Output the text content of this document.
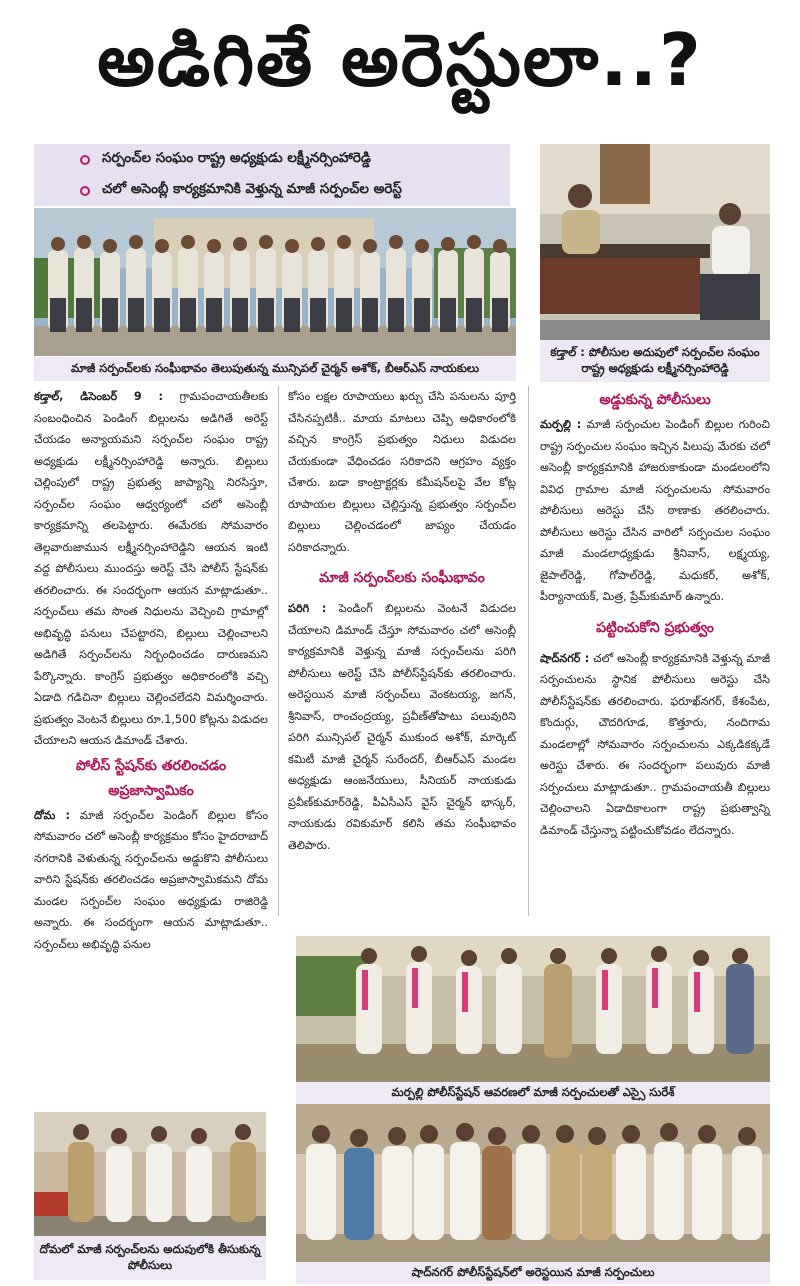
అడిగితే అరెస్టులా..?
సర్పంచ్‌ల సంఘం రాష్ట్ర అధ్యక్షుడు లక్ష్మీనర్సింహారెడ్డి
చలో అసెంబ్లీ కార్యక్రమానికి వెళ్తున్న మాజీ సర్పంచ్‌ల అరెస్ట్
మాజీ సర్పంచ్‌లకు సంఘీభావం తెలుపుతున్న మున్సిపల్ చైర్మన్ అశోక్, బీఆర్ఎస్ నాయకులు
కడ్తాల్ : పోలీసుల అదుపులో సర్పంచ్‌ల సంఘం రాష్ట్ర అధ్యక్షుడు లక్ష్మీనర్సింహారెడ్డి

కడ్తాల్, డిసెంబర్ 9 : గ్రామపంచాయతీలకు సంబంధించిన పెండింగ్ బిల్లులను అడిగితే అరెస్ట్ చేయడం అన్యాయమని సర్పంచ్‌ల సంఘం రాష్ట్ర అధ్యక్షుడు లక్ష్మీనర్సింహారెడ్డి అన్నారు. బిల్లులు చెల్లింపులో రాష్ట్ర ప్రభుత్వ జాప్యాన్ని నిరసిస్తూ, సర్పంచ్‌ల సంఘం ఆధ్వర్యంలో చలో అసెంబ్లీ కార్యక్రమాన్ని తలపెట్టారు. ఈమేరకు సోమవారం తెల్లవారుజామున లక్ష్మీనర్సింహారెడ్డిని ఆయన ఇంటి వద్ద పోలీసులు ముందస్తు అరెస్ట్ చేసి పోలీస్ స్టేషన్‌కు తరలించారు. ఈ సందర్భంగా ఆయన మాట్లాడుతూ.. సర్పంచ్‌లు తమ సొంత నిధులను వెచ్చించి గ్రామాల్లో అభివృద్ధి పనులు చేపట్టారని, బిల్లులు చెల్లించాలని అడిగితే సర్పంచ్‌లను నిర్బంధించడం దారుణమని పేర్కొన్నారు. కాంగ్రెస్ ప్రభుత్వం అధికారంలోకి వచ్చి ఏడాది గడిచినా బిల్లులు చెల్లించలేదని విమర్శించారు. ప్రభుత్వం వెంటనే బిల్లులు రూ.1,500 కోట్లను విడుదల చేయాలని ఆయన డిమాండ్ చేశారు.

పోలీస్ స్టేషన్‌కు తరలించడం
అప్రజాస్వామికం

దోమ : మాజీ సర్పంచ్‌ల పెండింగ్ బిల్లుల కోసం సోమవారం చలో అసెంబ్లీ కార్యక్రమం కోసం హైదరాబాద్ నగరానికి వెళుతున్న సర్పంచ్‌లను అడ్డుకొని పోలీసులు వారిని స్టేషన్‌కు తరలించడం అప్రజాస్వామికమని దోమ మండల సర్పంచ్‌ల సంఘం అధ్యక్షుడు రాజిరెడ్డి అన్నారు. ఈ సందర్భంగా ఆయన మాట్లాడుతూ.. సర్పంచ్‌లు అభివృద్ధి పనుల

కోసం లక్షల రూపాయలు ఖర్చు చేసి పనులను పూర్తి చేసినప్పటికీ.. మాయ మాటలు చెప్పి అధికారంలోకి వచ్చిన కాంగ్రెస్ ప్రభుత్వం నిధులు విడుదల చేయకుండా వేధించడం సరికాదని ఆగ్రహం వ్యక్తం చేశారు. బడా కాంట్రాక్టర్లకు కమీషన్‌లపై వేల కోట్ల రూపాయల బిల్లులు చెల్లిస్తున్న ప్రభుత్వం సర్పంచ్‌ల బిల్లులు చెల్లించడంలో జాప్యం చేయడం సరికాదన్నారు.

మాజీ సర్పంచ్‌లకు సంఘీభావం

పరిగి : పెండింగ్ బిల్లులను వెంటనే విడుదల చేయాలని డిమాండ్ చేస్తూ సోమవారం చలో అసెంబ్లీ కార్యక్రమానికి వెళ్తున్న మాజీ సర్పంచ్‌లను పరిగి పోలీసులు అరెస్ట్ చేసి పోలీస్‌స్టేషన్‌కు తరలించారు. అరెస్టయిన మాజీ సర్పంచ్‌లు వెంకటయ్య, జగన్, శ్రీనివాస్, రాంచంద్రయ్య, ప్రవీణ్‌తోపాటు పలువురిని పరిగి మున్సిపల్ చైర్మన్ ముకుంద అశోక్, మార్కెట్ కమిటీ మాజీ చైర్మన్ సురేందర్, బీఆర్ఎస్ మండల అధ్యక్షుడు ఆంజనేయులు, సీనియర్ నాయకుడు ప్రవీణ్‌కుమార్‌రెడ్డి, పీఏసీఎస్ వైస్ చైర్మన్ భాస్కర్, నాయకుడు రవికుమార్ కలిసి తమ సంఘీభావం తెలిపారు.

అడ్డుకున్న పోలీసులు

మర్పల్లి : మాజీ సర్పంచుల పెండింగ్ బిల్లుల గురించి రాష్ట్ర సర్పంచుల సంఘం ఇచ్చిన పిలుపు మేరకు చలో అసెంబ్లీ కార్యక్రమానికి హాజరుకాకుండా మండలంలోని వివిధ గ్రామాల మాజీ సర్పంచులను సోమవారం పోలీసులు అరెస్టు చేసి ఠాణాకు తరలించారు. పోలీసులు అరెస్టు చేసిన వారిలో సర్పంచుల సంఘం మాజీ మండలాధ్యక్షుడు శ్రీనివాస్, లక్ష్మయ్య, జైపాల్‌రెడ్డి, గోపాల్‌రెడ్డి, మధుకర్, అశోక్, పీర్యానాయక్, మిత్ర, ప్రేమ్‌కుమార్ ఉన్నారు.

పట్టించుకోని ప్రభుత్వం

షాద్‌నగర్ : చలో అసెంబ్లీ కార్యక్రమానికి వెళ్తున్న మాజీ సర్పంచులను స్థానిక పోలీసులు అరెస్టు చేసి పోలీస్‌స్టేషన్‌కు తరలించారు. ఫరూఖ్‌నగర్, కేశంపేట, కొందుర్గు, చౌదరిగూడ, కొత్తూరు, నందిగామ మండలాల్లో సోమవారం సర్పంచులను ఎక్కడికక్కడే అరెస్టు చేశారు. ఈ సందర్భంగా పలువురు మాజీ సర్పంచులు మాట్లాడుతూ.. గ్రామపంచాయతీ బిల్లులు చెల్లించాలని ఏడాదికాలంగా రాష్ట్ర ప్రభుత్వాన్ని డిమాండ్ చేస్తున్నా పట్టించుకోవడం లేదన్నారు.

మర్పల్లి పోలీస్‌స్టేషన్ ఆవరణలో మాజీ సర్పంచులతో ఎస్సై సురేశ్
షాద్‌నగర్ పోలీస్‌స్టేషన్‌లో అరెస్టయిన మాజీ సర్పంచులు
దోమలో మాజీ సర్పంచ్‌లను అదుపులోకి తీసుకున్న పోలీసులు
